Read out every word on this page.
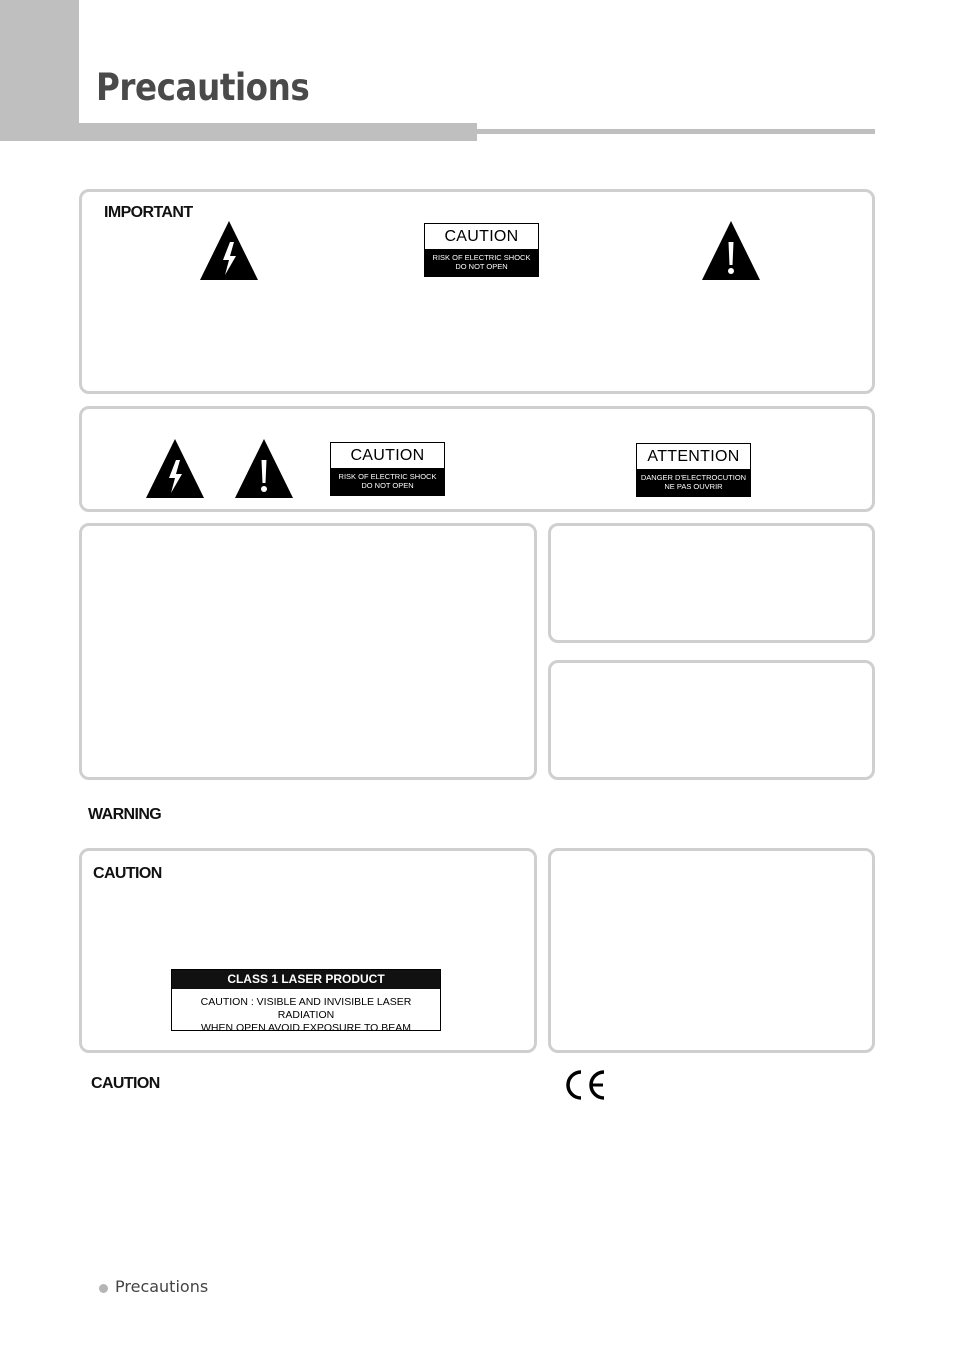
Precautions
IMPORTANT
CAUTION
RISK OF ELECTRIC SHOCK
DO NOT OPEN
CAUTION
RISK OF ELECTRIC SHOCK
DO NOT OPEN
ATTENTION
DANGER D'ELECTROCUTION
NE PAS OUVRIR
WARNING
CAUTION
CLASS 1 LASER PRODUCT
CAUTION : VISIBLE AND INVISIBLE LASER RADIATION
WHEN OPEN AVOID EXPOSURE TO BEAM
CAUTION
Precautions
